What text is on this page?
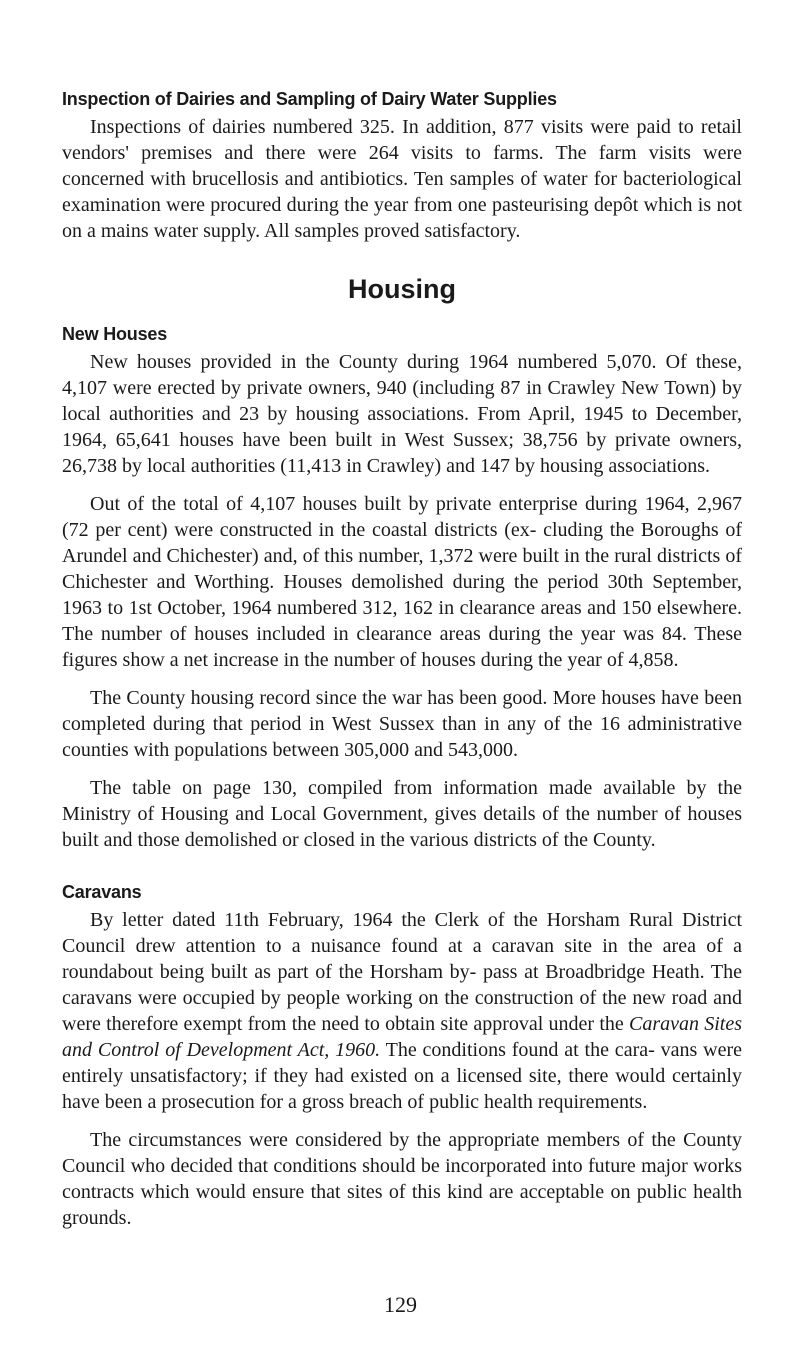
Inspection of Dairies and Sampling of Dairy Water Supplies

Inspections of dairies numbered 325. In addition, 877 visits were paid to retail vendors' premises and there were 264 visits to farms. The farm visits were concerned with brucellosis and antibiotics. Ten samples of water for bacteriological examination were procured during the year from one pasteurising depôt which is not on a mains water supply. All samples proved satisfactory.

Housing
New Houses

New houses provided in the County during 1964 numbered 5,070. Of these, 4,107 were erected by private owners, 940 (including 87 in Crawley New Town) by local authorities and 23 by housing associations. From April, 1945 to December, 1964, 65,641 houses have been built in West Sussex; 38,756 by private owners, 26,738 by local authorities (11,413 in Crawley) and 147 by housing associations.

Out of the total of 4,107 houses built by private enterprise during 1964, 2,967 (72 per cent) were constructed in the coastal districts (ex- cluding the Boroughs of Arundel and Chichester) and, of this number, 1,372 were built in the rural districts of Chichester and Worthing. Houses demolished during the period 30th September, 1963 to 1st October, 1964 numbered 312, 162 in clearance areas and 150 elsewhere. The number of houses included in clearance areas during the year was 84. These figures show a net increase in the number of houses during the year of 4,858.

The County housing record since the war has been good. More houses have been completed during that period in West Sussex than in any of the 16 administrative counties with populations between 305,000 and 543,000.

The table on page 130, compiled from information made available by the Ministry of Housing and Local Government, gives details of the number of houses built and those demolished or closed in the various districts of the County.

Caravans

By letter dated 11th February, 1964 the Clerk of the Horsham Rural District Council drew attention to a nuisance found at a caravan site in the area of a roundabout being built as part of the Horsham by- pass at Broadbridge Heath. The caravans were occupied by people working on the construction of the new road and were therefore exempt from the need to obtain site approval under the Caravan Sites and Control of Development Act, 1960. The conditions found at the cara- vans were entirely unsatisfactory; if they had existed on a licensed site, there would certainly have been a prosecution for a gross breach of public health requirements.

The circumstances were considered by the appropriate members of the County Council who decided that conditions should be incorporated into future major works contracts which would ensure that sites of this kind are acceptable on public health grounds.

129
